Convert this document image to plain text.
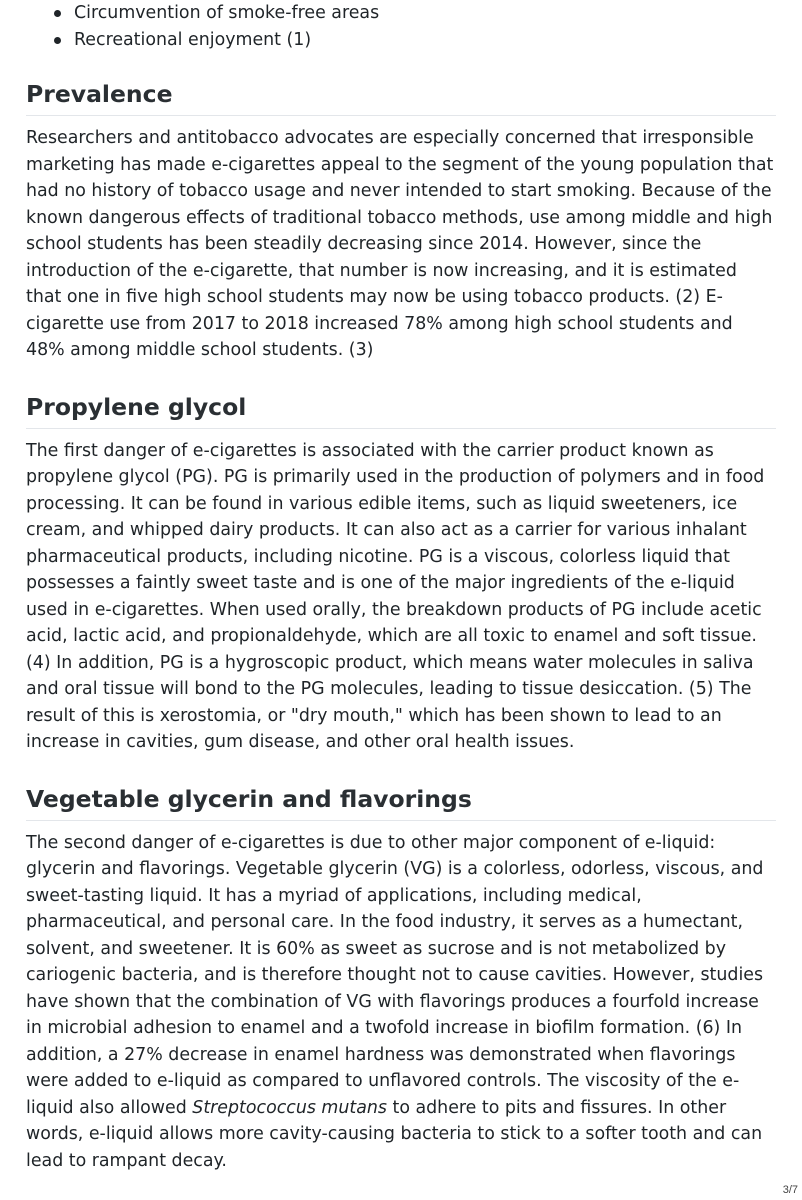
Circumvention of smoke-free areas
Recreational enjoyment (1)
Prevalence

Researchers and antitobacco advocates are especially concerned that irresponsible marketing has made e-cigarettes appeal to the segment of the young population that had no history of tobacco usage and never intended to start smoking. Because of the known dangerous effects of traditional tobacco methods, use among middle and high school students has been steadily decreasing since 2014. However, since the introduction of the e-cigarette, that number is now increasing, and it is estimated that one in five high school students may now be using tobacco products. (2) E-cigarette use from 2017 to 2018 increased 78% among high school students and 48% among middle school students. (3)

Propylene glycol

The first danger of e-cigarettes is associated with the carrier product known as propylene glycol (PG). PG is primarily used in the production of polymers and in food processing. It can be found in various edible items, such as liquid sweeteners, ice cream, and whipped dairy products. It can also act as a carrier for various inhalant pharmaceutical products, including nicotine. PG is a viscous, colorless liquid that possesses a faintly sweet taste and is one of the major ingredients of the e-liquid used in e-cigarettes. When used orally, the breakdown products of PG include acetic acid, lactic acid, and propionaldehyde, which are all toxic to enamel and soft tissue. (4) In addition, PG is a hygroscopic product, which means water molecules in saliva and oral tissue will bond to the PG molecules, leading to tissue desiccation. (5) The result of this is xerostomia, or "dry mouth," which has been shown to lead to an increase in cavities, gum disease, and other oral health issues.

Vegetable glycerin and flavorings

The second danger of e-cigarettes is due to other major component of e-liquid: glycerin and flavorings. Vegetable glycerin (VG) is a colorless, odorless, viscous, and sweet-tasting liquid. It has a myriad of applications, including medical, pharmaceutical, and personal care. In the food industry, it serves as a humectant, solvent, and sweetener. It is 60% as sweet as sucrose and is not metabolized by cariogenic bacteria, and is therefore thought not to cause cavities. However, studies have shown that the combination of VG with flavorings produces a fourfold increase in microbial adhesion to enamel and a twofold increase in biofilm formation. (6) In addition, a 27% decrease in enamel hardness was demonstrated when flavorings were added to e-liquid as compared to unflavored controls. The viscosity of the e-liquid also allowed Streptococcus mutans to adhere to pits and fissures. In other words, e-liquid allows more cavity-causing bacteria to stick to a softer tooth and can lead to rampant decay.

3/7
